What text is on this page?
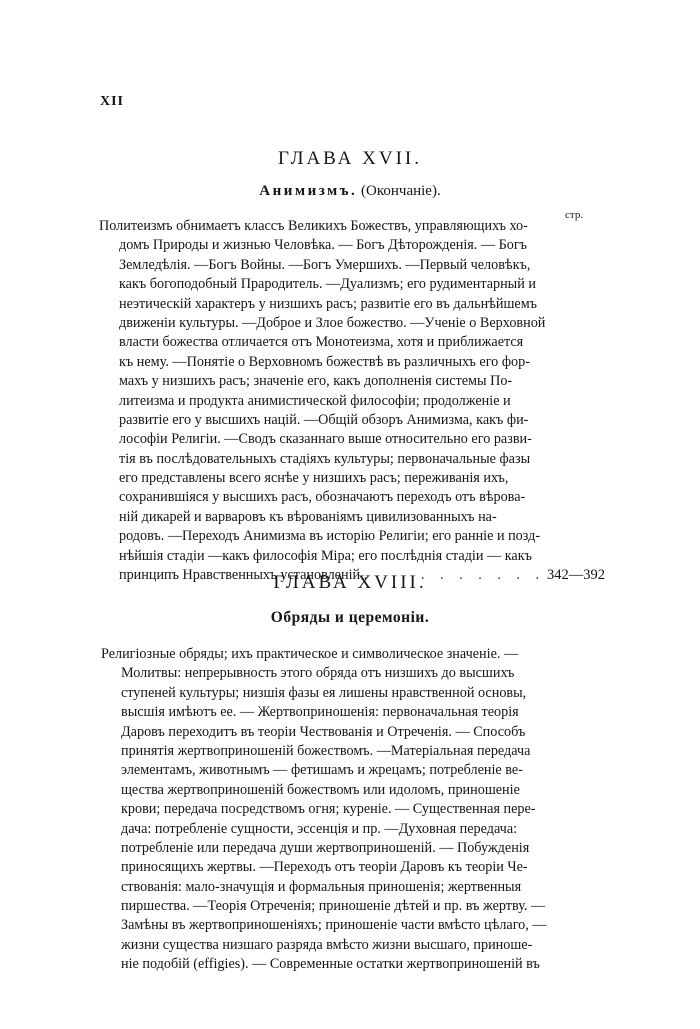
XII
ГЛАВА XVII.
Анимизмъ. (Окончаніе).
стр.
Политеизмъ обнимаетъ классъ Великихъ Божествъ, управляющихъ хо-
домъ Природы и жизнью Человѣка. — Богъ Дѣторожденія. — Богъ
Земледѣлія. —Богъ Войны. —Богъ Умершихъ. —Первый человѣкъ,
какъ богоподобный Прародитель. —Дуализмъ; его рудиментарный и
неэтическій характеръ у низшихъ расъ; развитіе его въ дальнѣйшемъ
движеніи культуры. —Доброе и Злое божество. —Ученіе о Верховной
власти божества отличается отъ Монотеизма, хотя и приближается
къ нему. —Понятіе о Верховномъ божествѣ въ различныхъ его фор-
махъ у низшихъ расъ; значеніе его, какъ дополненія системы По-
литеизма и продукта анимистической философіи; продолженіе и
развитіе его у высшихъ націй. —Общій обзоръ Анимизма, какъ фи-
лософіи Религіи. —Сводъ сказаннаго выше относительно его разви-
тія въ послѣдовательныхъ стадіяхъ культуры; первоначальные фазы
его представлены всего яснѣе у низшихъ расъ; переживанія ихъ,
сохранившіяся у высшихъ расъ, обозначаютъ переходъ отъ вѣрова-
ній дикарей и варваровъ къ вѣрованіямъ цивилизованныхъ на-
родовъ. —Переходъ Анимизма въ исторію Религіи; его ранніе и позд-
нѣйшія стадіи —какъ философія Міра; его послѣднія стадіи — какъ
принципъ Нравственныхъ установленій . . . . . . . . . . 342—392
ГЛАВА XVIII.
Обряды и церемоніи.
Религіозные обряды; ихъ практическое и символическое значеніе. —
Молитвы: непрерывность этого обряда отъ низшихъ до высшихъ
ступеней культуры; низшія фазы ея лишены нравственной основы,
высшія имѣютъ ее. — Жертвоприношенія: первоначальная теорія
Даровъ переходитъ въ теоріи Чествованія и Отреченія. — Способъ
принятія жертвоприношеній божествомъ. —Матеріальная передача
элементамъ, животнымъ — фетишамъ и жрецамъ; потребленіе ве-
щества жертвоприношеній божествомъ или идоломъ, приношеніе
крови; передача посредствомъ огня; куреніе. — Существенная пере-
дача: потребленіе сущности, эссенція и пр. —Духовная передача:
потребленіе или передача души жертвоприношеній. — Побужденія
приносящихъ жертвы. —Переходъ отъ теоріи Даровъ къ теоріи Че-
ствованія: мало-значущія и формальныя приношенія; жертвенныя
пиршества. —Теорія Отреченія; приношеніе дѣтей и пр. въ жертву. —
Замѣны въ жертвоприношеніяхъ; приношеніе части вмѣсто цѣлаго, —
жизни существа низшаго разряда вмѣсто жизни высшаго, приноше-
ніе подобій (effigies). — Современные остатки жертвоприношеній въ
